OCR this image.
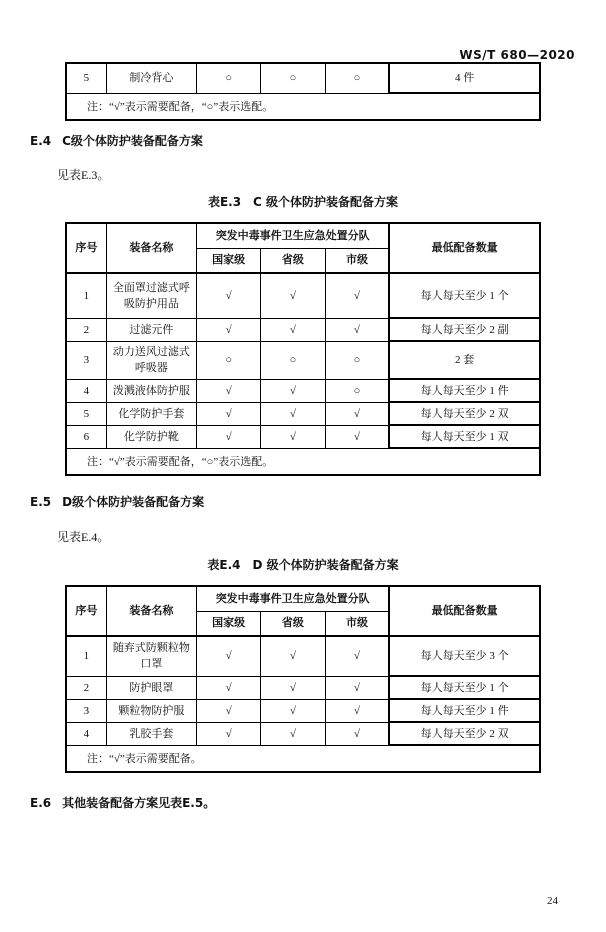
WS/T 680—2020
5	制冷背心	○	○	○	4 件
注：“√”表示需要配备，“○”表示选配。
E.4 C级个体防护装备配备方案
见表E.3。
表E.3 C 级个体防护装备配备方案
序号	装备名称	突发中毒事件卫生应急处置分队			最低配备数量
		国家级	省级	市级	
1	全面罩过滤式呼吸防护用品	√	√	√	每人每天至少 1 个
2	过滤元件	√	√	√	每人每天至少 2 副
3	动力送风过滤式呼吸器	○	○	○	2 套
4	泼溅液体防护服	√	√	○	每人每天至少 1 件
5	化学防护手套	√	√	√	每人每天至少 2 双
6	化学防护靴	√	√	√	每人每天至少 1 双
注：“√”表示需要配备，“○”表示选配。					
E.5 D级个体防护装备配备方案
见表E.4。
表E.4 D 级个体防护装备配备方案
序号	装备名称	突发中毒事件卫生应急处置分队			最低配备数量
		国家级	省级	市级	
1	随弃式防颗粒物口罩	√	√	√	每人每天至少 3 个
2	防护眼罩	√	√	√	每人每天至少 1 个
3	颗粒物防护服	√	√	√	每人每天至少 1 件
4	乳胶手套	√	√	√	每人每天至少 2 双
注：“√”表示需要配备。					
E.6 其他装备配备方案见表E.5。
24
